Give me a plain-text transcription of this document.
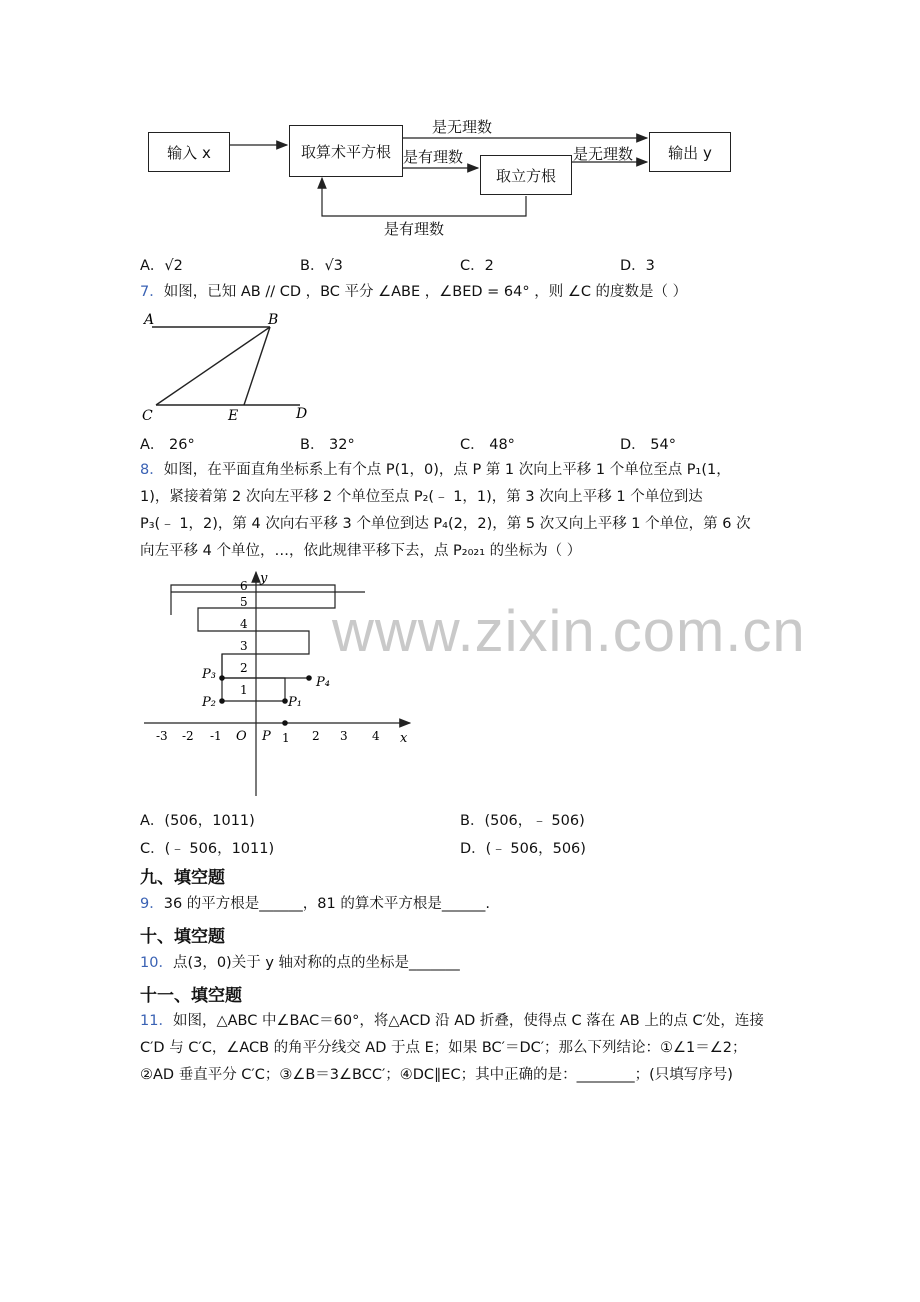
输入 x	取算术平方根
取立方根
输出 y
是无理数
是有理数	是无理数
是有理数
A．√2	B．√3	C．2	D．3
7．如图，已知 AB // CD ，BC 平分 ∠ABE ，∠BED = 64° ，则 ∠C 的度数是（ ）
A	B
C	E	D
A． 26°	B． 32°	C． 48°	D． 54°
8．如图，在平面直角坐标系上有个点 P(1，0)，点 P 第 1 次向上平移 1 个单位至点 P₁(1，
1)，紧接着第 2 次向左平移 2 个单位至点 P₂(﹣ 1，1)，第 3 次向上平移 1 个单位到达
P₃(﹣ 1，2)，第 4 次向右平移 3 个单位到达 P₄(2，2)，第 5 次又向上平移 1 个单位，第 6 次
向左平移 4 个单位，…，依此规律平移下去，点 P₂₀₂₁ 的坐标为（ ）
y
x
O P
-3 -2 -1	1 2 3 4
1
2
3
4
5
6
P₁
P₂
P₃
P₄
A．(506，1011)	B．(506，﹣ 506)
C．(﹣ 506，1011)	D．(﹣ 506，506)
九、填空题
9．36 的平方根是______，81 的算术平方根是______.
十、填空题
10．点(3，0)关于 y 轴对称的点的坐标是_______
十一、填空题
11．如图，△ABC 中∠BAC＝60°，将△ACD 沿 AD 折叠，使得点 C 落在 AB 上的点 C′处，连接
C′D 与 C′C，∠ACB 的角平分线交 AD 于点 E；如果 BC′＝DC′；那么下列结论：①∠1＝∠2；
②AD 垂直平分 C′C；③∠B＝3∠BCC′；④DC∥EC；其中正确的是：________；(只填写序号)
www.zixin.com.cn
